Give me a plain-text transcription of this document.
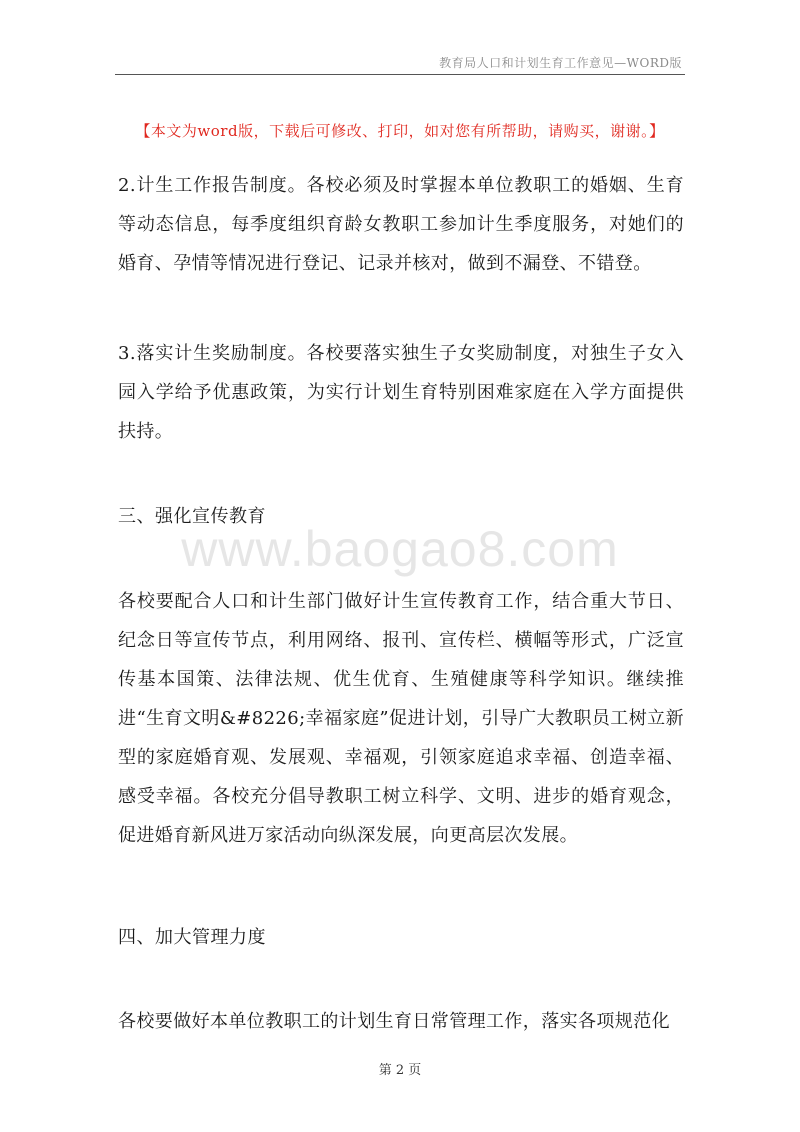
教育局人口和计划生育工作意见—WORD版
【本文为word版，下载后可修改、打印，如对您有所帮助，请购买，谢谢。】

2.计生工作报告制度。各校必须及时掌握本单位教职工的婚姻、生育等动态信息，每季度组织育龄女教职工参加计生季度服务，对她们的婚育、孕情等情况进行登记、记录并核对，做到不漏登、不错登。

3.落实计生奖励制度。各校要落实独生子女奖励制度，对独生子女入园入学给予优惠政策，为实行计划生育特别困难家庭在入学方面提供扶持。

三、强化宣传教育

www.baogao8.com

各校要配合人口和计生部门做好计生宣传教育工作，结合重大节日、纪念日等宣传节点，利用网络、报刊、宣传栏、横幅等形式，广泛宣传基本国策、法律法规、优生优育、生殖健康等科学知识。继续推进“生育文明&#8226;幸福家庭”促进计划，引导广大教职员工树立新型的家庭婚育观、发展观、幸福观，引领家庭追求幸福、创造幸福、感受幸福。各校充分倡导教职工树立科学、文明、进步的婚育观念，促进婚育新风进万家活动向纵深发展，向更高层次发展。

四、加大管理力度

各校要做好本单位教职工的计划生育日常管理工作，落实各项规范化

第 2 页
